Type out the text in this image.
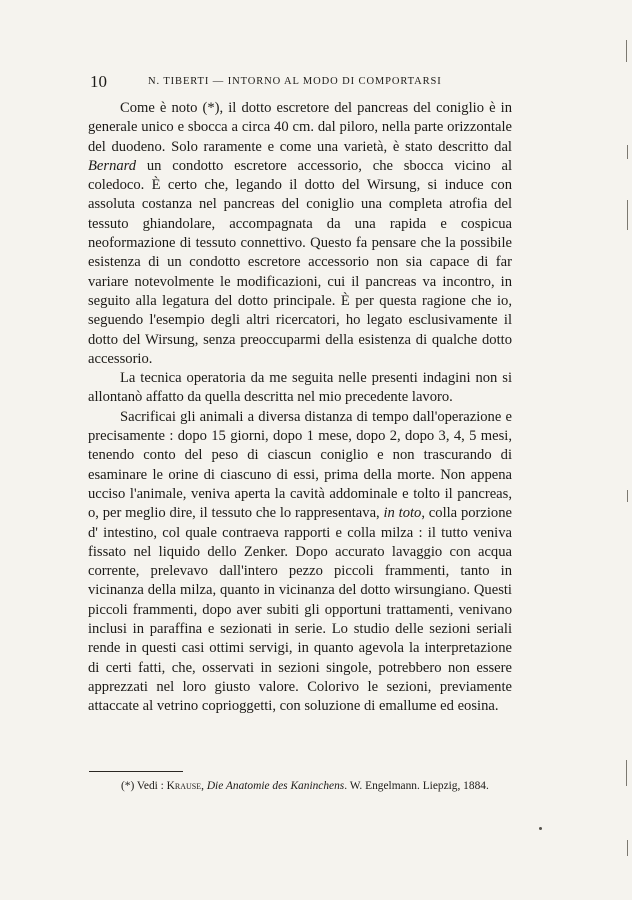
10	N. TIBERTI — INTORNO AL MODO DI COMPORTARSI

Come è noto (*), il dotto escretore del pancreas del coniglio è in generale unico e sbocca a circa 40 cm. dal piloro, nella parte orizzontale del duodeno. Solo raramente e come una varietà, è stato descritto dal Bernard un condotto escretore accessorio, che sbocca vicino al coledoco. È certo che, legando il dotto del Wirsung, si induce con assoluta costanza nel pancreas del coniglio una completa atrofia del tessuto ghiandolare, accompagnata da una rapida e cospicua neoformazione di tessuto connettivo. Questo fa pensare che la possibile esistenza di un condotto escretore accessorio non sia capace di far variare notevolmente le modificazioni, cui il pancreas va incontro, in seguito alla legatura del dotto principale. È per questa ragione che io, seguendo l'esempio degli altri ricercatori, ho legato esclusivamente il dotto del Wirsung, senza preoccuparmi della esistenza di qualche dotto accessorio.

La tecnica operatoria da me seguita nelle presenti indagini non si allontanò affatto da quella descritta nel mio precedente lavoro.

Sacrificai gli animali a diversa distanza di tempo dall'operazione e precisamente : dopo 15 giorni, dopo 1 mese, dopo 2, dopo 3, 4, 5 mesi, tenendo conto del peso di ciascun coniglio e non trascurando di esaminare le orine di ciascuno di essi, prima della morte. Non appena ucciso l'animale, veniva aperta la cavità addominale e tolto il pancreas, o, per meglio dire, il tessuto che lo rappresentava, in toto, colla porzione d' intestino, col quale contraeva rapporti e colla milza : il tutto veniva fissato nel liquido dello Zenker. Dopo accurato lavaggio con acqua corrente, prelevavo dall'intero pezzo piccoli frammenti, tanto in vicinanza della milza, quanto in vicinanza del dotto wirsungiano. Questi piccoli frammenti, dopo aver subiti gli opportuni trattamenti, venivano inclusi in paraffina e sezionati in serie. Lo studio delle sezioni seriali rende in questi casi ottimi servigi, in quanto agevola la interpretazione di certi fatti, che, osservati in sezioni singole, potrebbero non essere apprezzati nel loro giusto valore. Colorivo le sezioni, previamente attaccate al vetrino coprioggetti, con soluzione di emallume ed eosina.

(*) Vedi : Krause, Die Anatomie des Kaninchens. W. Engelmann. Liepzig, 1884.
